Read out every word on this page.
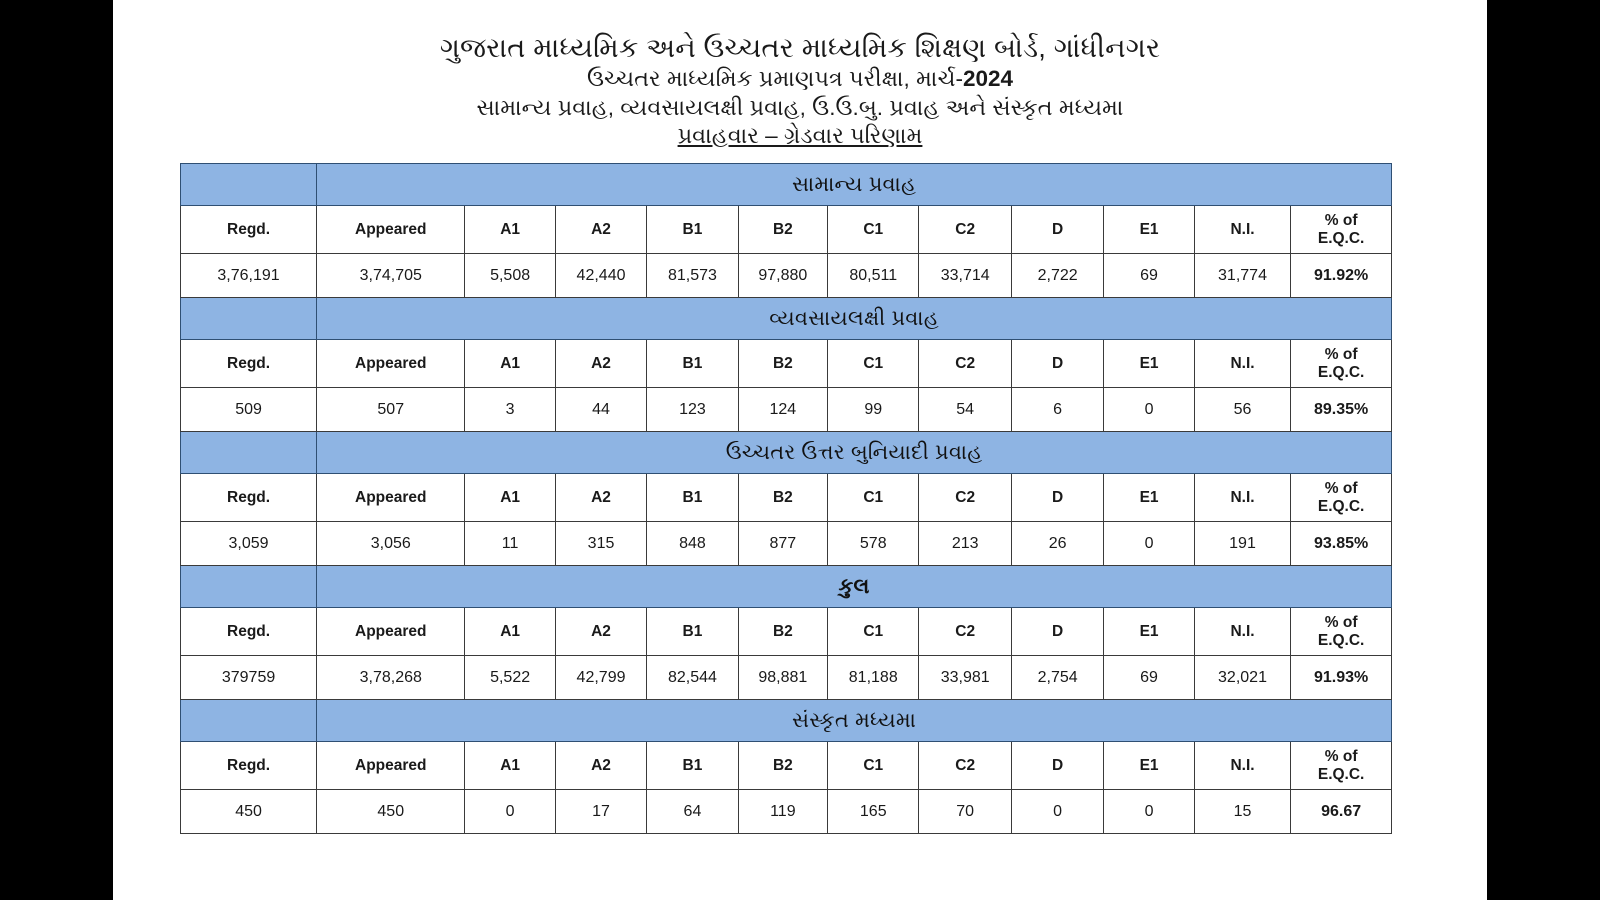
ગુજરાત માધ્યમિક અને ઉચ્ચતર માધ્યમિક શિક્ષણ બોર્ડ, ગાંધીનગર
ઉચ્ચતર માધ્યમિક પ્રમાણપત્ર પરીક્ષા, માર્ચ-2024
સામાન્ય પ્રવાહ, વ્યવસાયલક્ષી પ્રવાહ, ઉ.ઉ.બુ. પ્રવાહ અને સંસ્કૃત મધ્યમા
પ્રવાહવાર – ગ્રેડવાર પરિણામ
	સામાન્ય પ્રવાહ										
Regd.	Appeared	A1	A2	B1	B2	C1	C2	D	E1	N.I.	% of
E.Q.C.
3,76,191	3,74,705	5,508	42,440	81,573	97,880	80,511	33,714	2,722	69	31,774	91.92%
	વ્યવસાયલક્ષી પ્રવાહ										
Regd.	Appeared	A1	A2	B1	B2	C1	C2	D	E1	N.I.	% of
E.Q.C.
509	507	3	44	123	124	99	54	6	0	56	89.35%
	ઉચ્ચતર ઉત્તર બુનિયાદી પ્રવાહ										
Regd.	Appeared	A1	A2	B1	B2	C1	C2	D	E1	N.I.	% of
E.Q.C.
3,059	3,056	11	315	848	877	578	213	26	0	191	93.85%
	કુલ										
Regd.	Appeared	A1	A2	B1	B2	C1	C2	D	E1	N.I.	% of
E.Q.C.
379759	3,78,268	5,522	42,799	82,544	98,881	81,188	33,981	2,754	69	32,021	91.93%
	સંસ્કૃત મધ્યમા										
Regd.	Appeared	A1	A2	B1	B2	C1	C2	D	E1	N.I.	% of
E.Q.C.
450	450	0	17	64	119	165	70	0	0	15	96.67
